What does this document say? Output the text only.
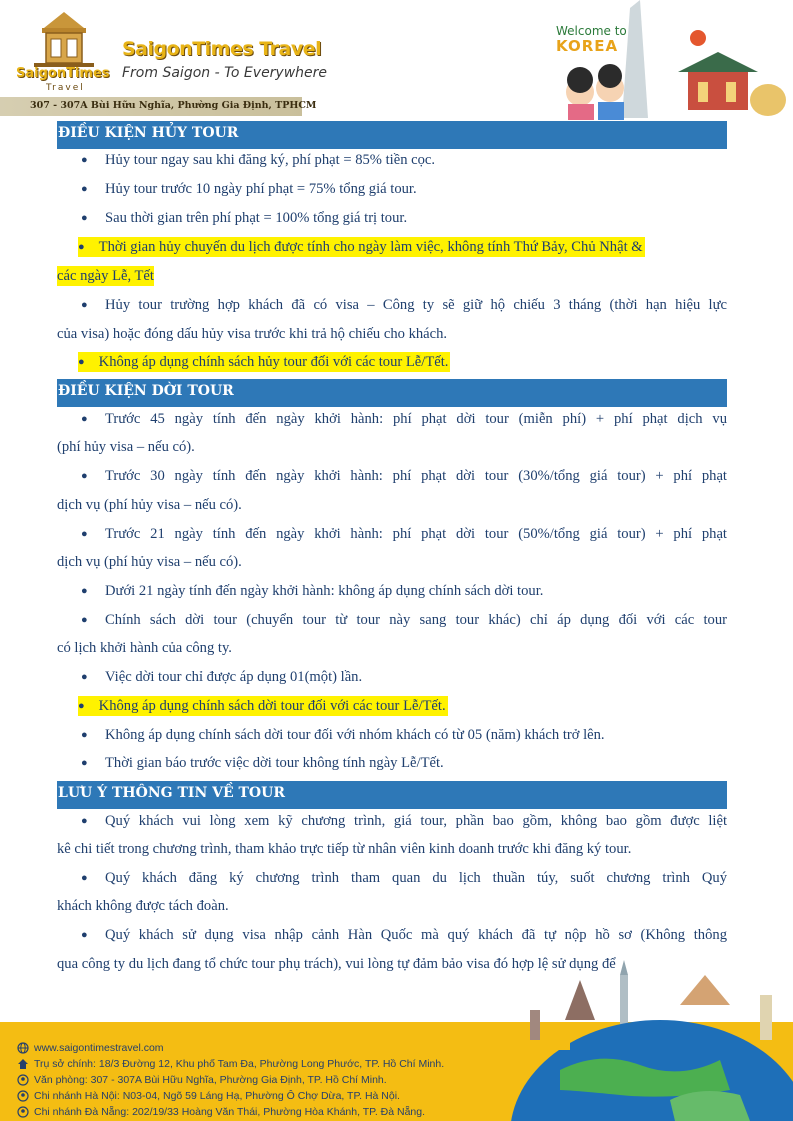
SaigonTimes
Travel
SaigonTimes Travel
From Saigon - To Everywhere
307 - 307A Bùi Hữu Nghĩa, Phường Gia Định, TPHCM
Welcome to
KOREA
ĐIỀU KIỆN HỦY TOUR
● Hủy tour ngay sau khi đăng ký, phí phạt = 85% tiền cọc.
● Hủy tour trước 10 ngày phí phạt = 75% tổng giá tour.
● Sau thời gian trên phí phạt = 100% tổng giá trị tour.
● Thời gian hủy chuyến du lịch được tính cho ngày làm việc, không tính Thứ Bảy, Chủ Nhật &
các ngày Lễ, Tết
● Hủy tour trường hợp khách đã có visa – Công ty sẽ giữ hộ chiếu 3 tháng (thời hạn hiệu lực
của visa) hoặc đóng dấu hủy visa trước khi trả hộ chiếu cho khách.
● Không áp dụng chính sách hủy tour đối với các tour Lễ/Tết.
ĐIỀU KIỆN DỜI TOUR
● Trước 45 ngày tính đến ngày khởi hành: phí phạt dời tour (miễn phí) + phí phạt dịch vụ
(phí hủy visa – nếu có).
● Trước 30 ngày tính đến ngày khởi hành: phí phạt dời tour (30%/tổng giá tour) + phí phạt
dịch vụ (phí hủy visa – nếu có).
● Trước 21 ngày tính đến ngày khởi hành: phí phạt dời tour (50%/tổng giá tour) + phí phạt
dịch vụ (phí hủy visa – nếu có).
● Dưới 21 ngày tính đến ngày khởi hành: không áp dụng chính sách dời tour.
● Chính sách dời tour (chuyển tour từ tour này sang tour khác) chỉ áp dụng đối với các tour
có lịch khởi hành của công ty.
● Việc dời tour chỉ được áp dụng 01(một) lần.
● Không áp dụng chính sách dời tour đối với các tour Lễ/Tết.
● Không áp dụng chính sách dời tour đối với nhóm khách có từ 05 (năm) khách trở lên.
● Thời gian báo trước việc dời tour không tính ngày Lễ/Tết.
LƯU Ý THÔNG TIN VỀ TOUR
● Quý khách vui lòng xem kỹ chương trình, giá tour, phần bao gồm, không bao gồm được liệt
kê chi tiết trong chương trình, tham khảo trực tiếp từ nhân viên kinh doanh trước khi đăng ký tour.
● Quý khách đăng ký chương trình tham quan du lịch thuần túy, suốt chương trình Quý
khách không được tách đoàn.
● Quý khách sử dụng visa nhập cảnh Hàn Quốc mà quý khách đã tự nộp hồ sơ (Không thông
qua công ty du lịch đang tổ chức tour phụ trách), vui lòng tự đảm bảo visa đó hợp lệ sử dụng để
www.saigontimestravel.com
Trụ sở chính: 18/3 Đường 12, Khu phố Tam Đa, Phường Long Phước, TP. Hồ Chí Minh.
Văn phòng: 307 - 307A Bùi Hữu Nghĩa, Phường Gia Định, TP. Hồ Chí Minh.
Chi nhánh Hà Nội: N03-04, Ngõ 59 Láng Hạ, Phường Ô Chợ Dừa, TP. Hà Nội.
Chi nhánh Đà Nẵng: 202/19/33 Hoàng Văn Thái, Phường Hòa Khánh, TP. Đà Nẵng.
